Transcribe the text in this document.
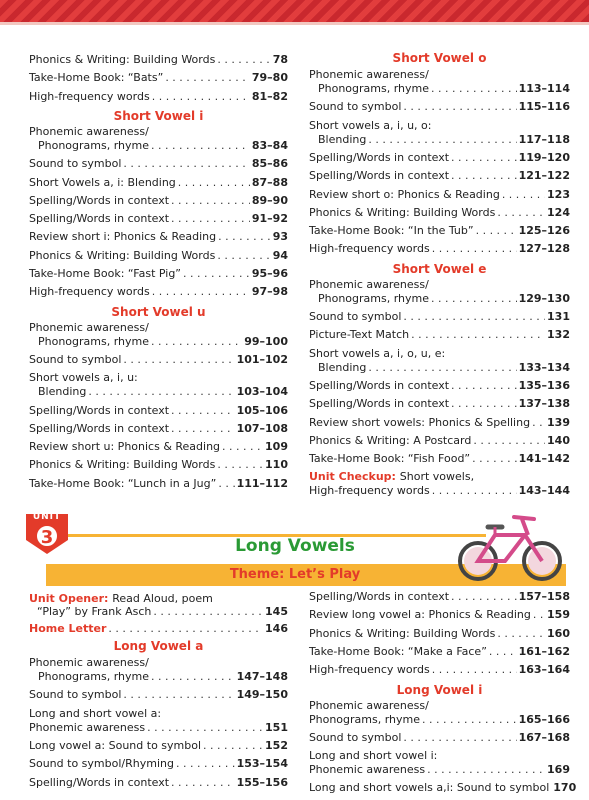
Phonics & Writing: Building Words . . .	78
Take-Home Book: “Bats” . . .	79–80
High-frequency words . . .	81–82
Short Vowel i
Phonemic awareness/
Phonograms, rhyme . . .	83–84
Sound to symbol . . .	85–86
Short Vowels a, i: Blending . . .	87–88
Spelling/Words in context . . .	89–90
Spelling/Words in context . . .	91–92
Review short i: Phonics & Reading . . .	93
Phonics & Writing: Building Words . . .	94
Take-Home Book: “Fast Pig” . . .	95–96
High-frequency words . . .	97–98
Short Vowel u
Phonemic awareness/
Phonograms, rhyme . . .	99–100
Sound to symbol . . .	101–102
Short vowels a, i, u:
Blending . . .	103–104
Spelling/Words in context . . .	105–106
Spelling/Words in context . . .	107–108
Review short u: Phonics & Reading . . .	109
Phonics & Writing: Building Words . . .	110
Take-Home Book: “Lunch in a Jug” . . . 111–112
Short Vowel o
Phonemic awareness/
Phonograms, rhyme . . .	113–114
Sound to symbol . . .	115–116
Short vowels a, i, u, o:
Blending . . .	117–118
Spelling/Words in context . . .	119–120
Spelling/Words in context . . .	121–122
Review short o: Phonics & Reading . . .	123
Phonics & Writing: Building Words . . .	124
Take-Home Book: “In the Tub” . . .	125–126
High-frequency words . . .	127–128
Short Vowel e
Phonemic awareness/
Phonograms, rhyme . . .	129–130
Sound to symbol . . .	131
Picture-Text Match . . .	132
Short vowels a, i, o, u, e:
Blending . . .	133–134
Spelling/Words in context . . .	135–136
Spelling/Words in context . . .	137–138
Review short vowels: Phonics & Spelling . . . 139
Phonics & Writing: A Postcard . . .	140
Take-Home Book: “Fish Food” . . .	141–142
Unit Checkup: Short vowels,
High-frequency words . . .	143–144
Unit Opener: Read Aloud, poem
“Play” by Frank Asch . . .	145
Home Letter . . .	146
Long Vowel a
Phonemic awareness/
Phonograms, rhyme . . .	147–148
Sound to symbol . . .	149–150
Long and short vowel a:
Phonemic awareness . . .	151
Long vowel a: Sound to symbol . . .	152
Sound to symbol/Rhyming . . .	153–154
Spelling/Words in context . . .	155–156
Spelling/Words in context . . .	157–158
Review long vowel a: Phonics & Reading . . . 159
Phonics & Writing: Building Words . . .	160
Take-Home Book: “Make a Face” . . .	161–162
High-frequency words . . .	163–164
Long Vowel i
Phonemic awareness/
Phonograms, rhyme . . .	165–166
Sound to symbol . . .	167–168
Long and short vowel i:
Phonemic awareness . . .	169
Long and short vowels a,i: Sound to symbol 170
UNIT
3	Long Vowels
Theme: Let’s Play
